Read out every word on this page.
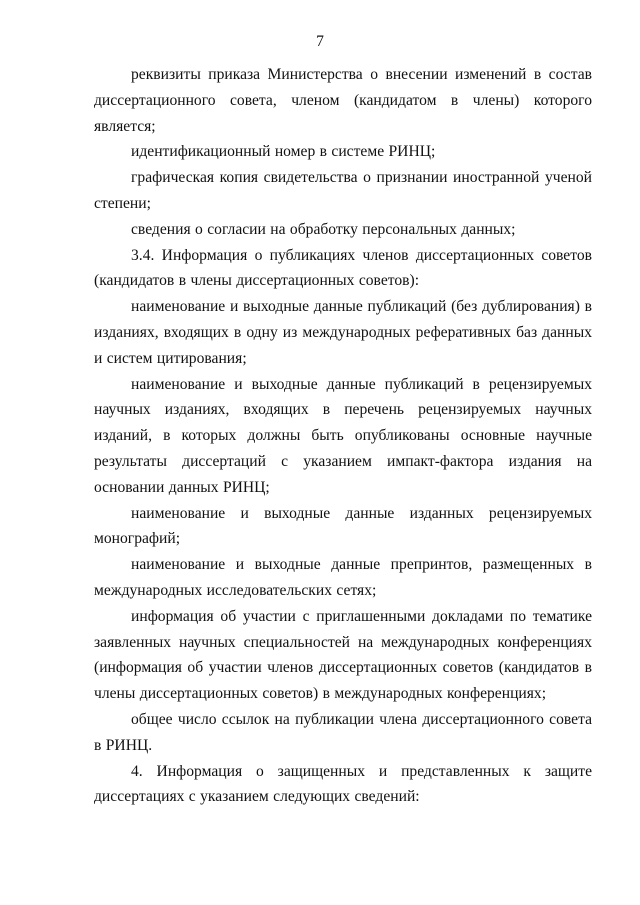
7

реквизиты приказа Министерства о внесении изменений в состав диссертационного совета, членом (кандидатом в члены) которого является;

идентификационный номер в системе РИНЦ;

графическая копия свидетельства о признании иностранной ученой степени;

сведения о согласии на обработку персональных данных;

3.4. Информация о публикациях членов диссертационных советов (кандидатов в члены диссертационных советов):

наименование и выходные данные публикаций (без дублирования) в изданиях, входящих в одну из международных реферативных баз данных и систем цитирования;

наименование и выходные данные публикаций в рецензируемых научных изданиях, входящих в перечень рецензируемых научных изданий, в которых должны быть опубликованы основные научные результаты диссертаций с указанием импакт-фактора издания на основании данных РИНЦ;

наименование и выходные данные изданных рецензируемых монографий;

наименование и выходные данные препринтов, размещенных в международных исследовательских сетях;

информация об участии с приглашенными докладами по тематике заявленных научных специальностей на международных конференциях (информация об участии членов диссертационных советов (кандидатов в члены диссертационных советов) в международных конференциях;

общее число ссылок на публикации члена диссертационного совета в РИНЦ.

4. Информация о защищенных и представленных к защите диссертациях с указанием следующих сведений:
